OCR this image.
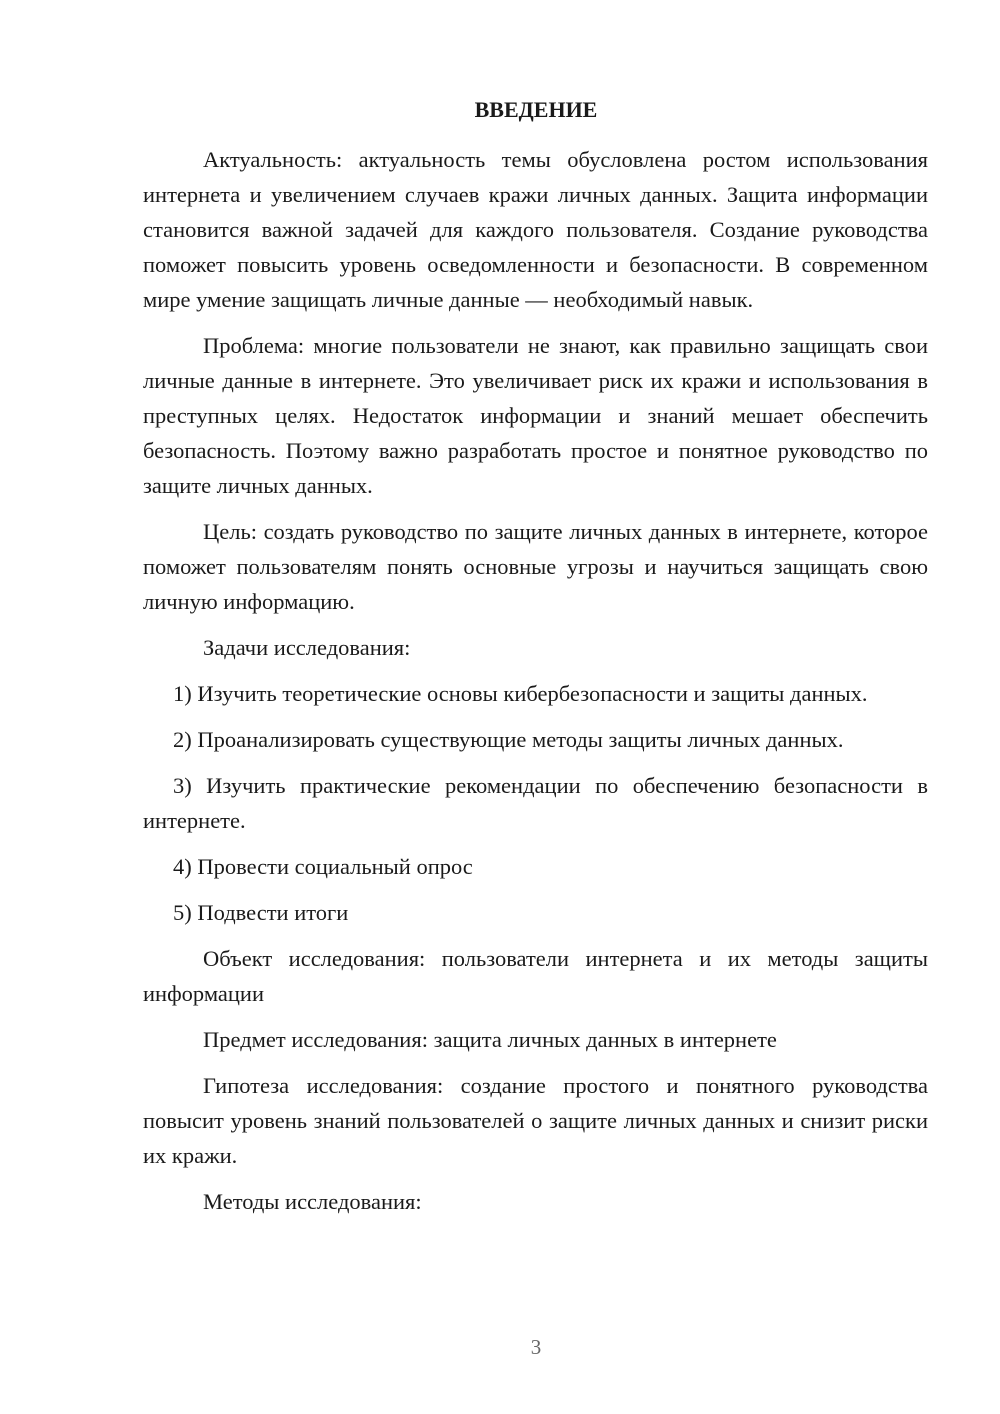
ВВЕДЕНИЕ

Актуальность: актуальность темы обусловлена ростом использования интернета и увеличением случаев кражи личных данных. Защита информации становится важной задачей для каждого пользователя. Создание руководства поможет повысить уровень осведомленности и безопасности. В современном мире умение защищать личные данные — необходимый навык.

Проблема: многие пользователи не знают, как правильно защищать свои личные данные в интернете. Это увеличивает риск их кражи и использования в преступных целях. Недостаток информации и знаний мешает обеспечить безопасность. Поэтому важно разработать простое и понятное руководство по защите личных данных.

Цель: создать руководство по защите личных данных в интернете, которое поможет пользователям понять основные угрозы и научиться защищать свою личную информацию.

Задачи исследования:

1) Изучить теоретические основы кибербезопасности и защиты данных.

2) Проанализировать существующие методы защиты личных данных.

3) Изучить практические рекомендации по обеспечению безопасности в интернете.

4) Провести социальный опрос

5) Подвести итоги

Объект исследования: пользователи интернета и их методы защиты информации

Предмет исследования: защита личных данных в интернете

Гипотеза исследования: создание простого и понятного руководства повысит уровень знаний пользователей о защите личных данных и снизит риски их кражи.

Методы исследования:

3
